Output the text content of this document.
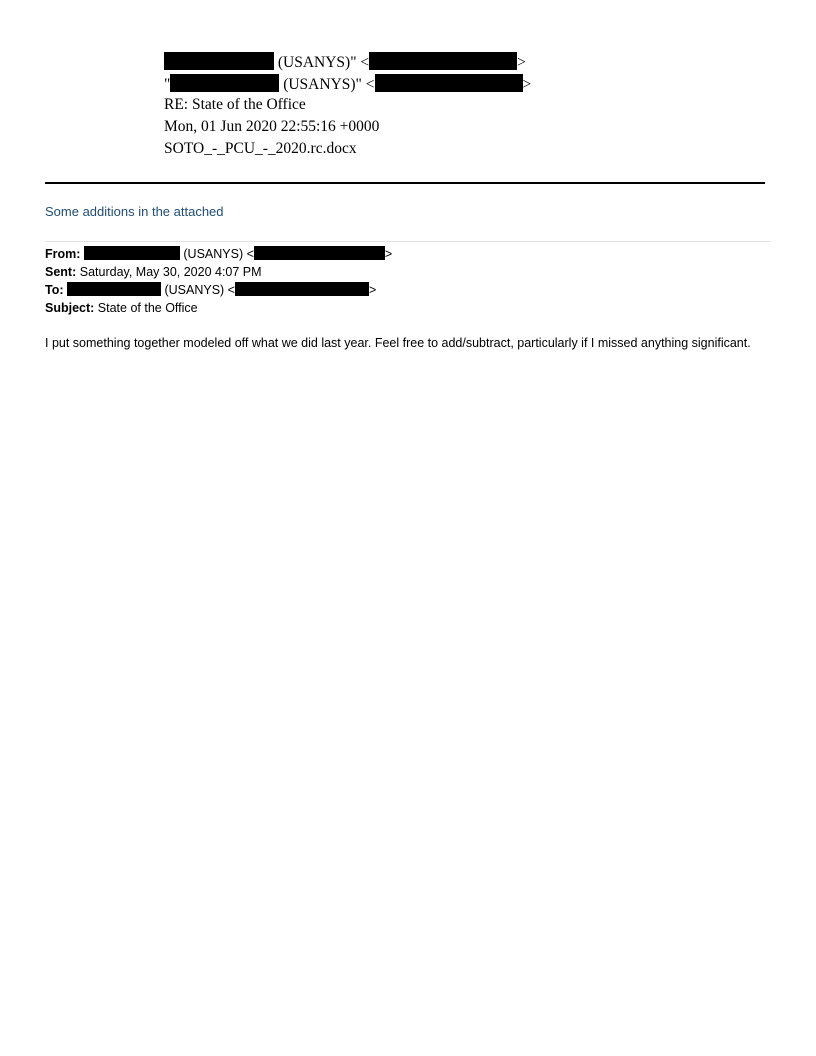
(USANYS)" <	>
"	(USANYS)" <	>
RE: State of the Office
Mon, 01 Jun 2020 22:55:16 +0000
SOTO_-_PCU_-_2020.rc.docx
Some additions in the attached
From:	(USANYS) <	>
Sent: Saturday, May 30, 2020 4:07 PM
To:	(USANYS) <	>
Subject: State of the Office
I put something together modeled off what we did last year. Feel free to add/subtract, particularly if I missed anything significant.
